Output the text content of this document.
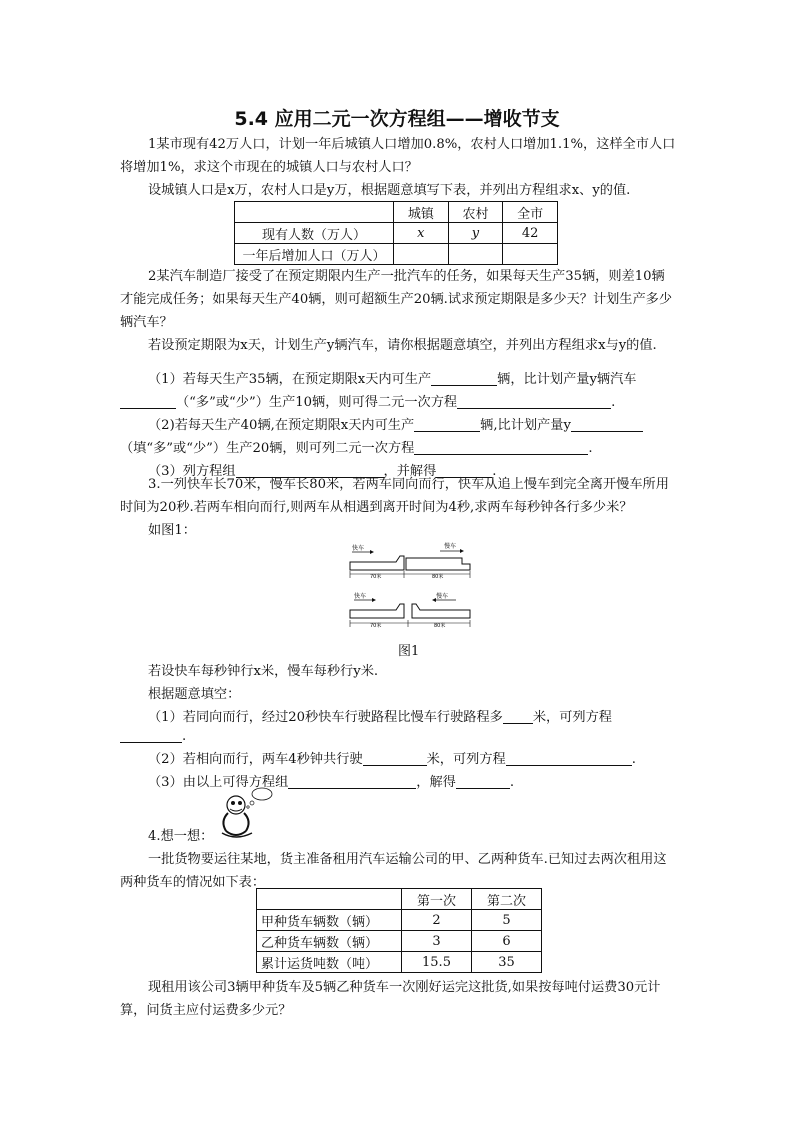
5.4 应用二元一次方程组——增收节支

1某市现有42万人口，计划一年后城镇人口增加0.8%，农村人口增加1.1%，这样全市人口将增加1%，求这个市现在的城镇人口与农村人口？

设城镇人口是x万，农村人口是y万，根据题意填写下表，并列出方程组求x、y的值.

	城镇	农村	全市
现有人数（万人）	x	y	42
一年后增加人口（万人）			

2某汽车制造厂接受了在预定期限内生产一批汽车的任务，如果每天生产35辆，则差10辆才能完成任务；如果每天生产40辆，则可超额生产20辆.试求预定期限是多少天？计划生产多少辆汽车？

若设预定期限为x天，计划生产y辆汽车，请你根据题意填空，并列出方程组求x与y的值.

（1）若每天生产35辆，在预定期限x天内可生产	辆，比计划产量y辆汽车
（“多”或“少”）生产10辆，则可得二元一次方程	.
（2)若每天生产40辆,在预定期限x天内可生产	辆,比计划产量y
（填“多”或“少”）生产20辆，则可列二元一次方程	.
（3）列方程组	，并解得	.

3.一列快车长70米，慢车长80米，若两车同向而行，快车从追上慢车到完全离开慢车所用时间为20秒.若两车相向而行,则两车从相遇到离开时间为4秒,求两车每秒钟各行多少米？

如图1：
快车	慢车
70米	80米
快车	慢车
70米	80米
图1
若设快车每秒钟行x米，慢车每秒行y米.
根据题意填空：
（1）若同向而行，经过20秒快车行驶路程比慢车行驶路程多 米，可列方程
.
（2）若相向而行，两车4秒钟共行驶	米，可列方程	.
（3）由以上可得方程组	，解得	.
4.想一想：

一批货物要运往某地，货主准备租用汽车运输公司的甲、乙两种货车.已知过去两次租用这两种货车的情况如下表：

	第一次	第二次
甲种货车辆数（辆）	2	5
乙种货车辆数（辆）	3	6
累计运货吨数（吨）	15.5	35

现租用该公司3辆甲种货车及5辆乙种货车一次刚好运完这批货,如果按每吨付运费30元计算，问货主应付运费多少元？
